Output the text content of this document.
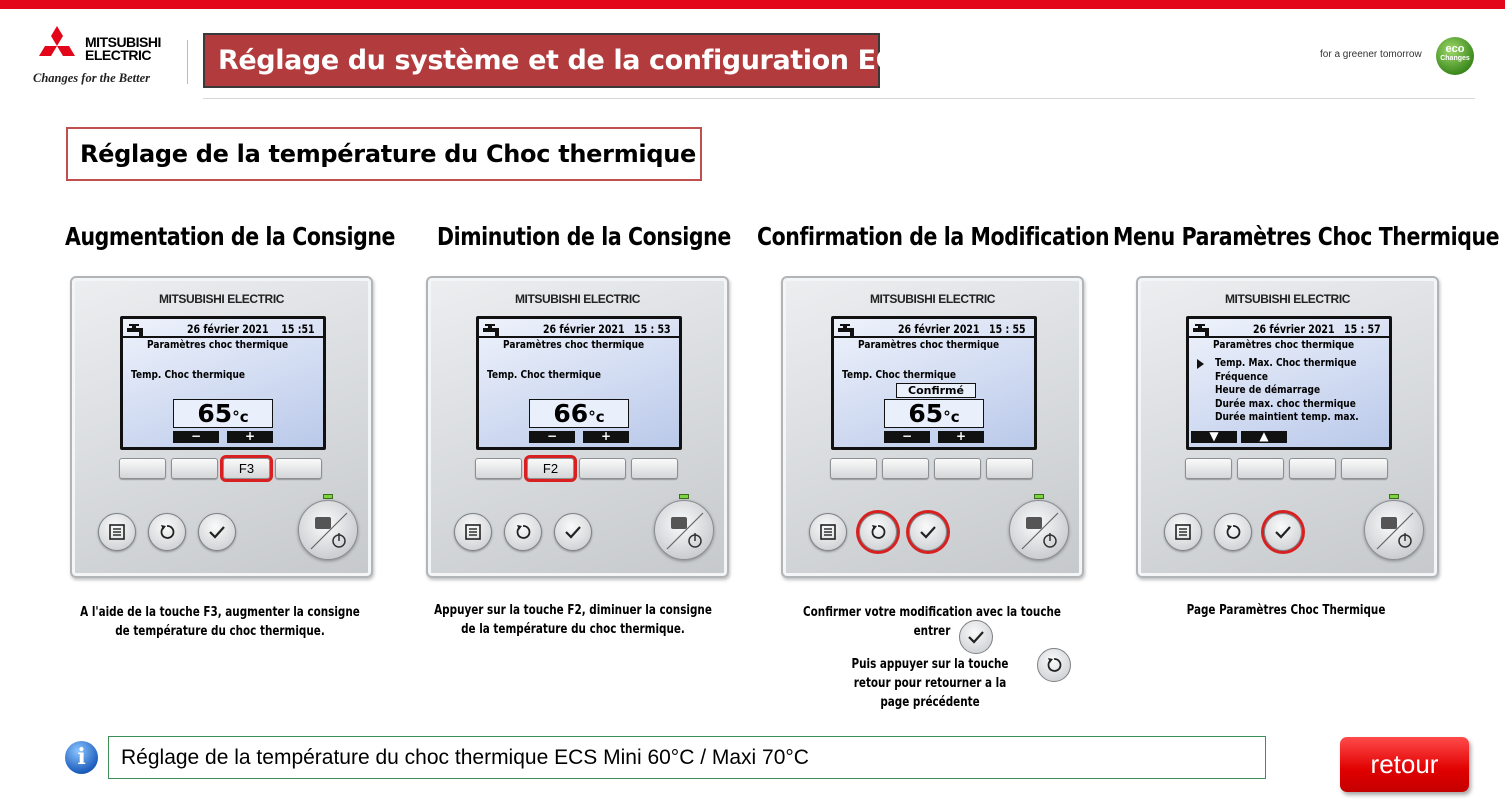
MITSUBISHI
ELECTRIC
Changes for the Better
Réglage du système et de la configuration ECS	for a greener tomorrow	eco
Changes
Réglage de la température du Choc thermique
Augmentation de la Consigne Diminution de la Consigne Confirmation de la Modification Menu Paramètres Choc Thermique
MITSUBISHI ELECTRIC
26 février 2021 15 :51
Paramètres choc thermique
Temp. Choc thermique
65°c
−	+
F3
MITSUBISHI ELECTRIC
26 février 2021 15 : 53
Paramètres choc thermique
Temp. Choc thermique
66°c
−	+
F2
MITSUBISHI ELECTRIC
26 février 2021 15 : 55
Paramètres choc thermique
Temp. Choc thermique
Confirmé
65°c
−	+
MITSUBISHI ELECTRIC
26 février 2021 15 : 57
Paramètres choc thermique
Temp. Max. Choc thermique
Fréquence
Heure de démarrage
Durée max. choc thermique
Durée maintient temp. max.
▼	▲
A l'aide de la touche F3, augmenter la consigne de température du choc thermique.
Appuyer sur la touche F2, diminuer la consigne de la température du choc thermique.
Confirmer votre modification avec la touche entrer
Puis appuyer sur la touche retour pour retourner a la page précédente
Page Paramètres Choc Thermique
i	Réglage de la température du choc thermique ECS Mini 60°C / Maxi 70°C	retour
